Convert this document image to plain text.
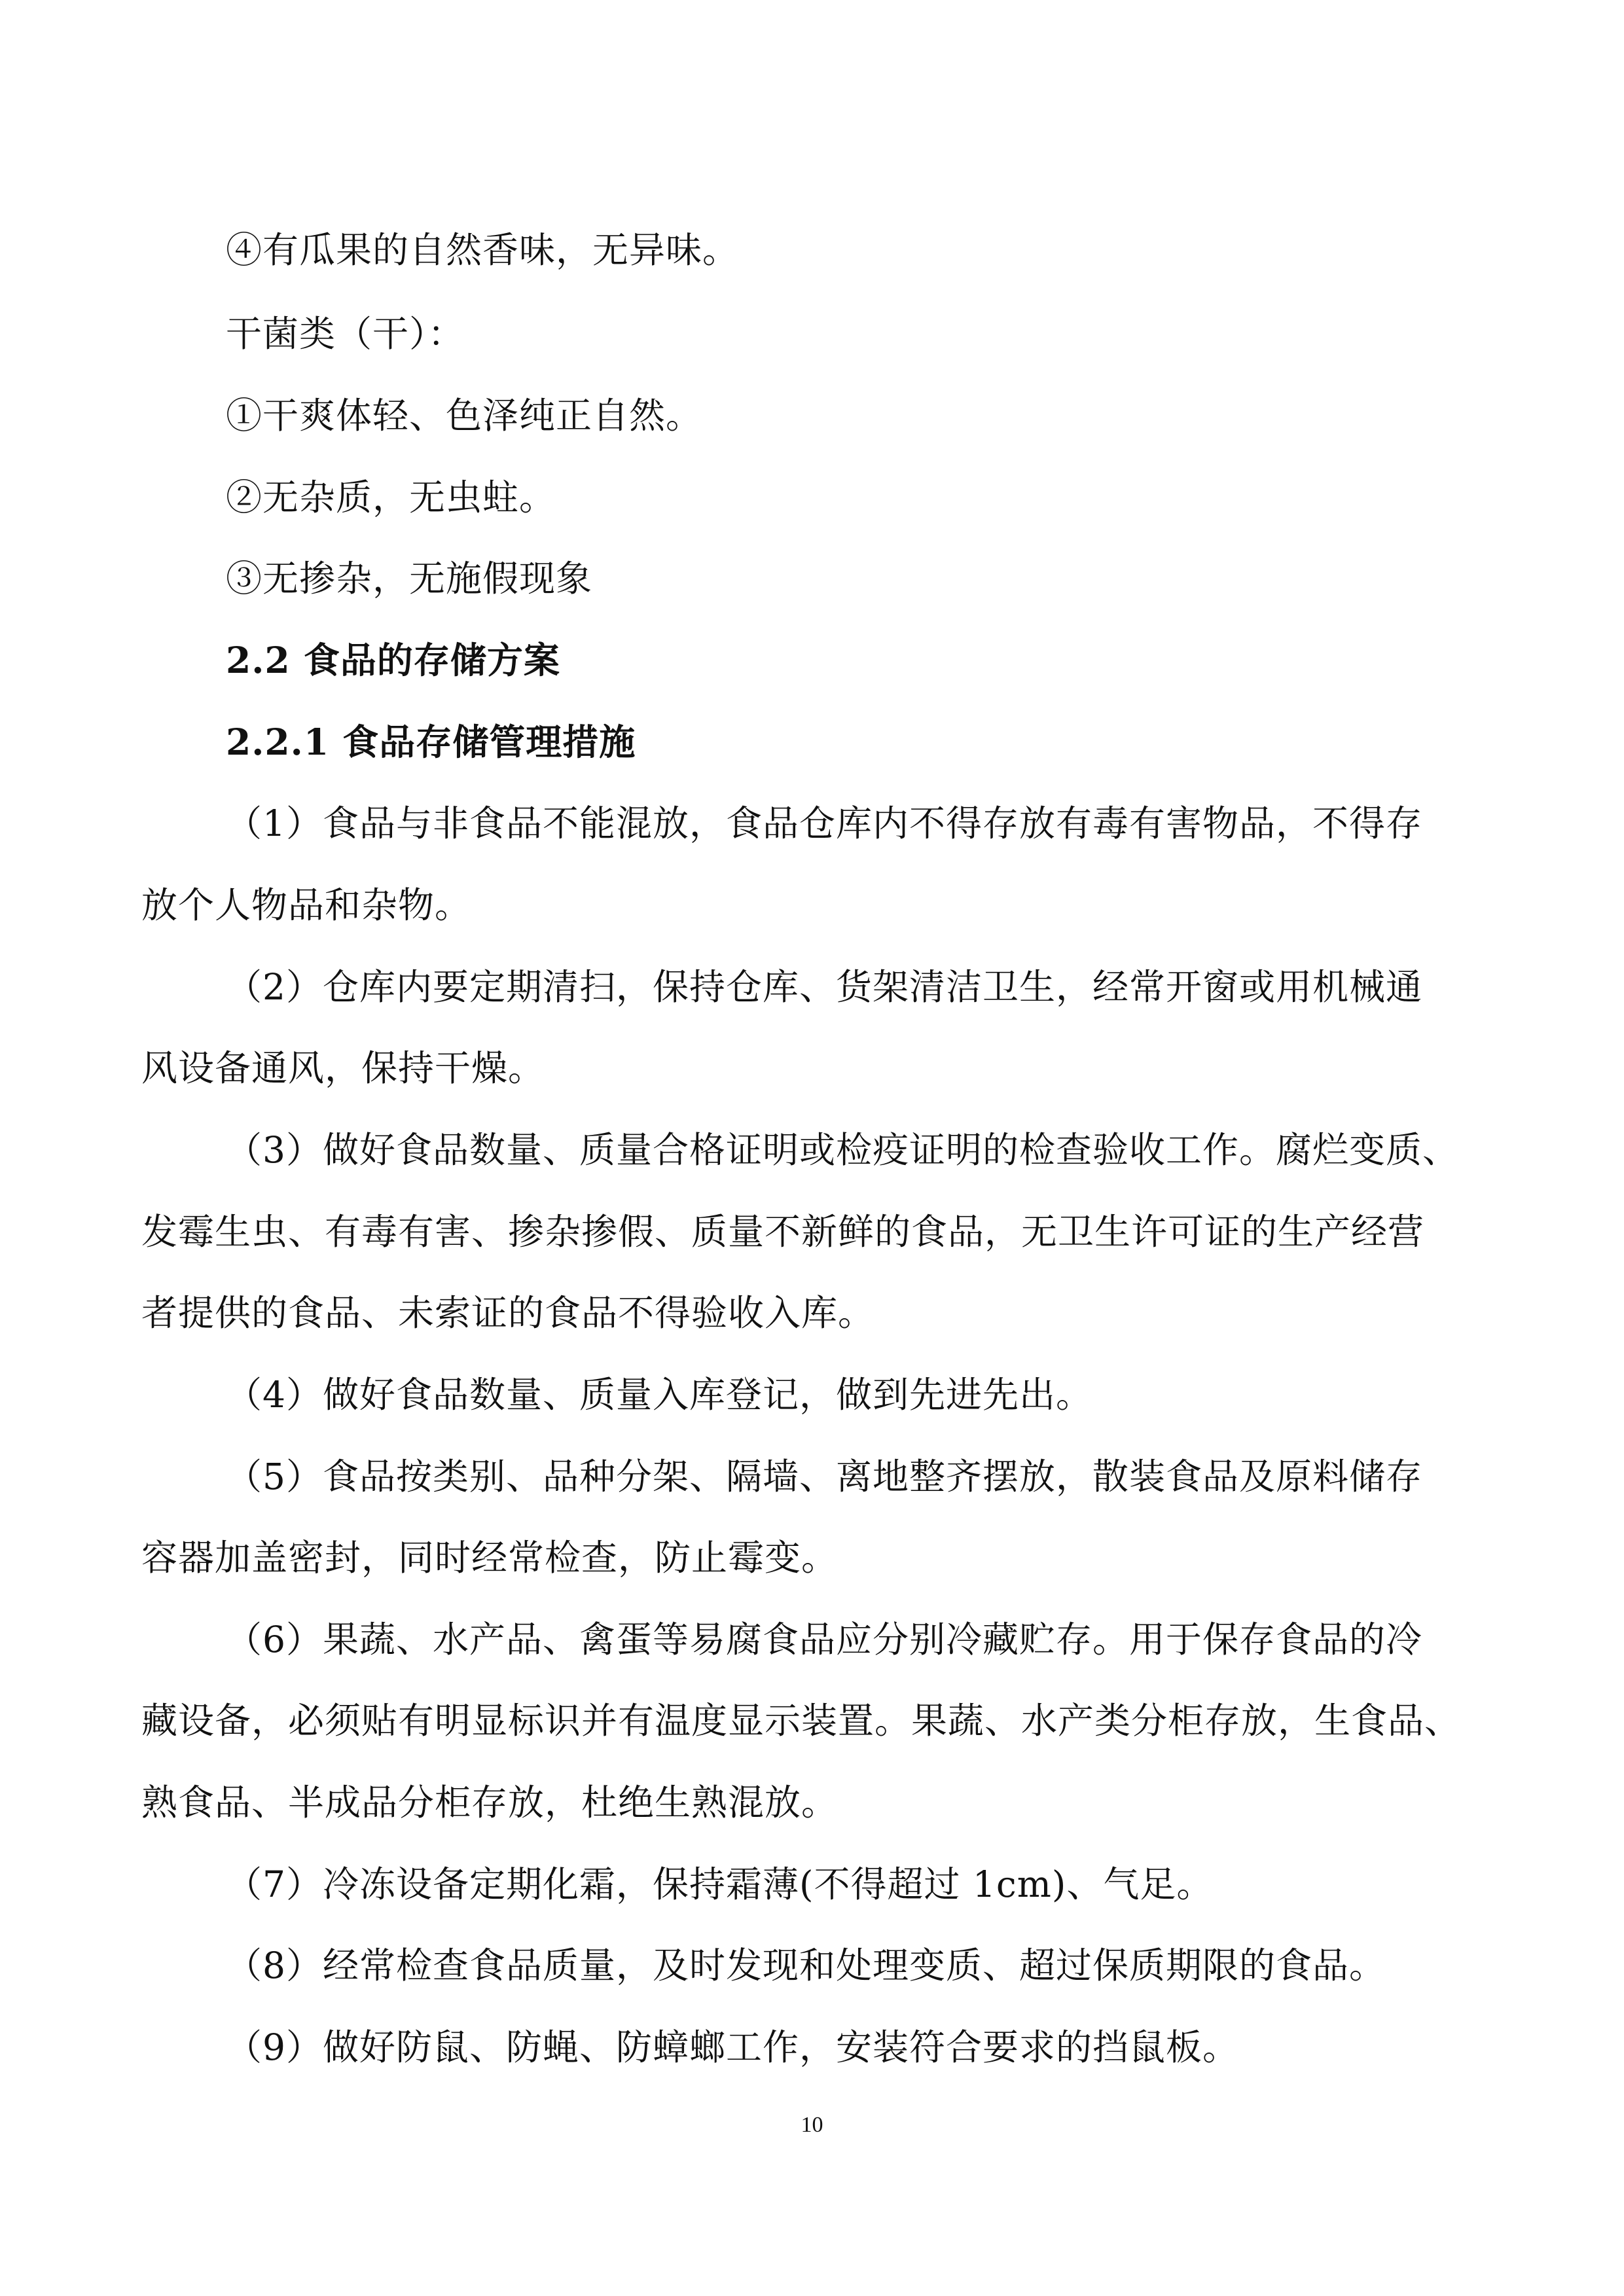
④有瓜果的自然香味，无异味。
干菌类（干）：
①干爽体轻、色泽纯正自然。
②无杂质，无虫蛀。
③无掺杂，无施假现象
2.2 食品的存储方案
2.2.1 食品存储管理措施
（1）食品与非食品不能混放，食品仓库内不得存放有毒有害物品，不得存
放个人物品和杂物。
（2）仓库内要定期清扫，保持仓库、货架清洁卫生，经常开窗或用机械通
风设备通风，保持干燥。
（3）做好食品数量、质量合格证明或检疫证明的检查验收工作。腐烂变质、
发霉生虫、有毒有害、掺杂掺假、质量不新鲜的食品，无卫生许可证的生产经营
者提供的食品、未索证的食品不得验收入库。
（4）做好食品数量、质量入库登记，做到先进先出。
（5）食品按类别、品种分架、隔墙、离地整齐摆放，散装食品及原料储存
容器加盖密封，同时经常检查，防止霉变。
（6）果蔬、水产品、禽蛋等易腐食品应分别冷藏贮存。用于保存食品的冷
藏设备，必须贴有明显标识并有温度显示装置。果蔬、水产类分柜存放，生食品、
熟食品、半成品分柜存放，杜绝生熟混放。
（7）冷冻设备定期化霜，保持霜薄(不得超过 1cm)、气足。
（8）经常检查食品质量，及时发现和处理变质、超过保质期限的食品。
（9）做好防鼠、防蝇、防蟑螂工作，安装符合要求的挡鼠板。
10
